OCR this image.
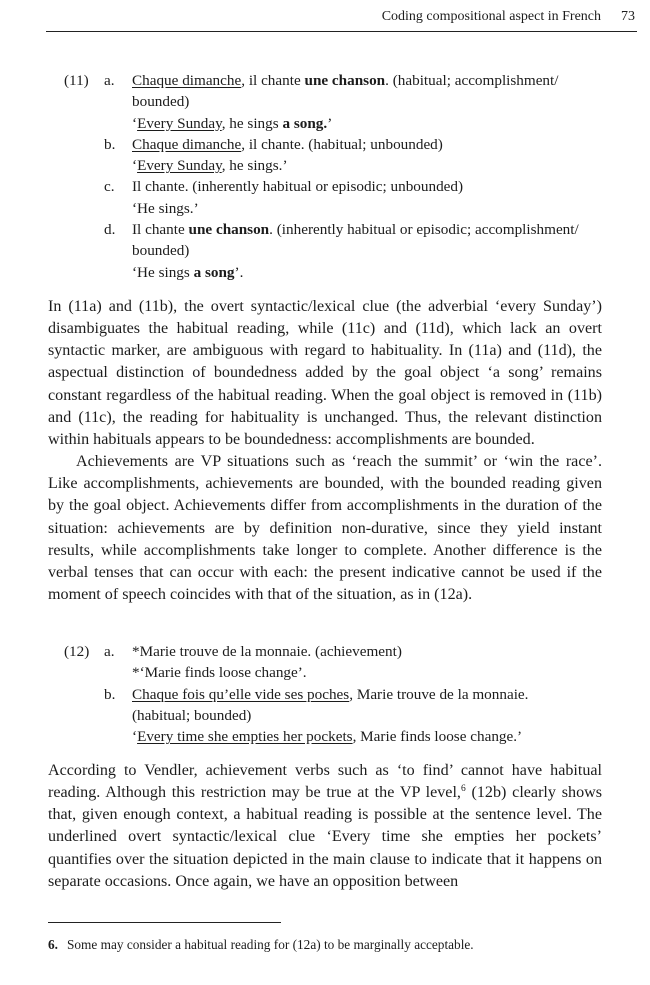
Coding compositional aspect in French 73
(11) a. Chaque dimanche, il chante une chanson. (habitual; accomplishment/
bounded)
‘Every Sunday, he sings a song.’
b. Chaque dimanche, il chante. (habitual; unbounded)
‘Every Sunday, he sings.’
c. Il chante. (inherently habitual or episodic; unbounded)
‘He sings.’
d. Il chante une chanson. (inherently habitual or episodic; accomplishment/
bounded)
‘He sings a song’.

In (11a) and (11b), the overt syntactic/lexical clue (the adverbial ‘every Sunday’) disambiguates the habitual reading, while (11c) and (11d), which lack an overt syntactic marker, are ambiguous with regard to habituality. In (11a) and (11d), the aspectual distinction of boundedness added by the goal object ‘a song’ remains constant regardless of the habitual reading. When the goal object is removed in (11b) and (11c), the reading for habituality is unchanged. Thus, the relevant distinction within habituals appears to be boundedness: accomplishments are bounded.

Achievements are VP situations such as ‘reach the summit’ or ‘win the race’. Like accomplishments, achievements are bounded, with the bounded reading given by the goal object. Achievements differ from accomplishments in the duration of the situation: achievements are by definition non-durative, since they yield instant results, while accomplishments take longer to complete. Another difference is the verbal tenses that can occur with each: the present indicative cannot be used if the moment of speech coincides with that of the situation, as in (12a).

(12) a. *Marie trouve de la monnaie. (achievement)
*‘Marie finds loose change’.
b. Chaque fois qu’elle vide ses poches, Marie trouve de la monnaie.
(habitual; bounded)
‘Every time she empties her pockets, Marie finds loose change.’

According to Vendler, achievement verbs such as ‘to find’ cannot have habitual reading. Although this restriction may be true at the VP level,$^6$ (12b) clearly shows that, given enough context, a habitual reading is possible at the sentence level. The underlined overt syntactic/lexical clue ‘Every time she empties her pockets’ quantifies over the situation depicted in the main clause to indicate that it happens on separate occasions. Once again, we have an opposition between

6. Some may consider a habitual reading for (12a) to be marginally acceptable.
